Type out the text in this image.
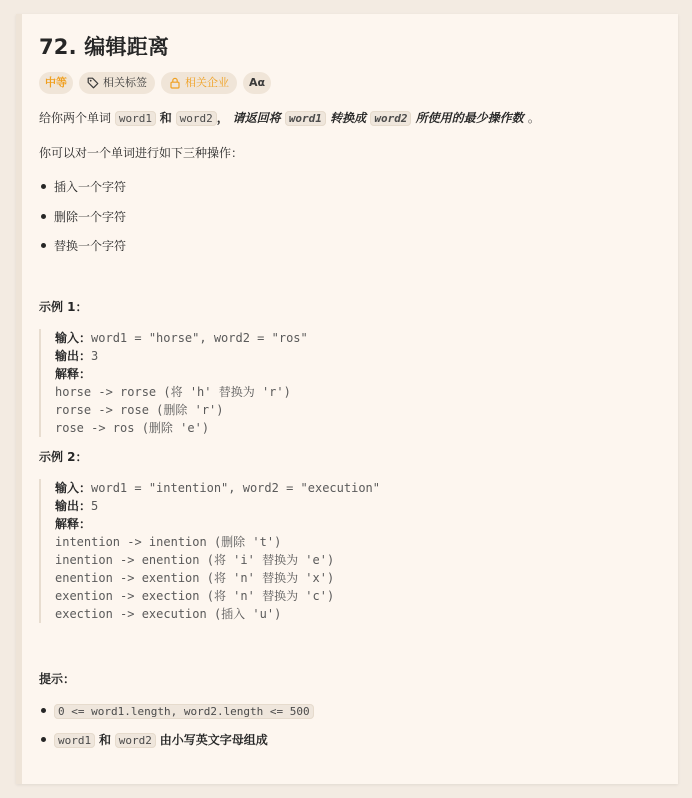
72. 编辑距离
中等	相关标签	相关企业	Aα

给你两个单词 word1 和 word2 ， 请返回将 word1 转换成 word2 所使用的最少操作数 。

你可以对一个单词进行如下三种操作：

插入一个字符
删除一个字符
替换一个字符
示例 1：
输入：word1 = "horse", word2 = "ros"
输出：3
解释：
horse -> rorse (将 'h' 替换为 'r')
rorse -> rose (删除 'r')
rose -> ros (删除 'e')
示例 2：
输入：word1 = "intention", word2 = "execution"
输出：5
解释：
intention -> inention (删除 't')
inention -> enention (将 'i' 替换为 'e')
enention -> exention (将 'n' 替换为 'x')
exention -> exection (将 'n' 替换为 'c')
exection -> execution (插入 'u')
提示：
0 <= word1.length, word2.length <= 500
word1 和 word2 由小写英文字母组成
